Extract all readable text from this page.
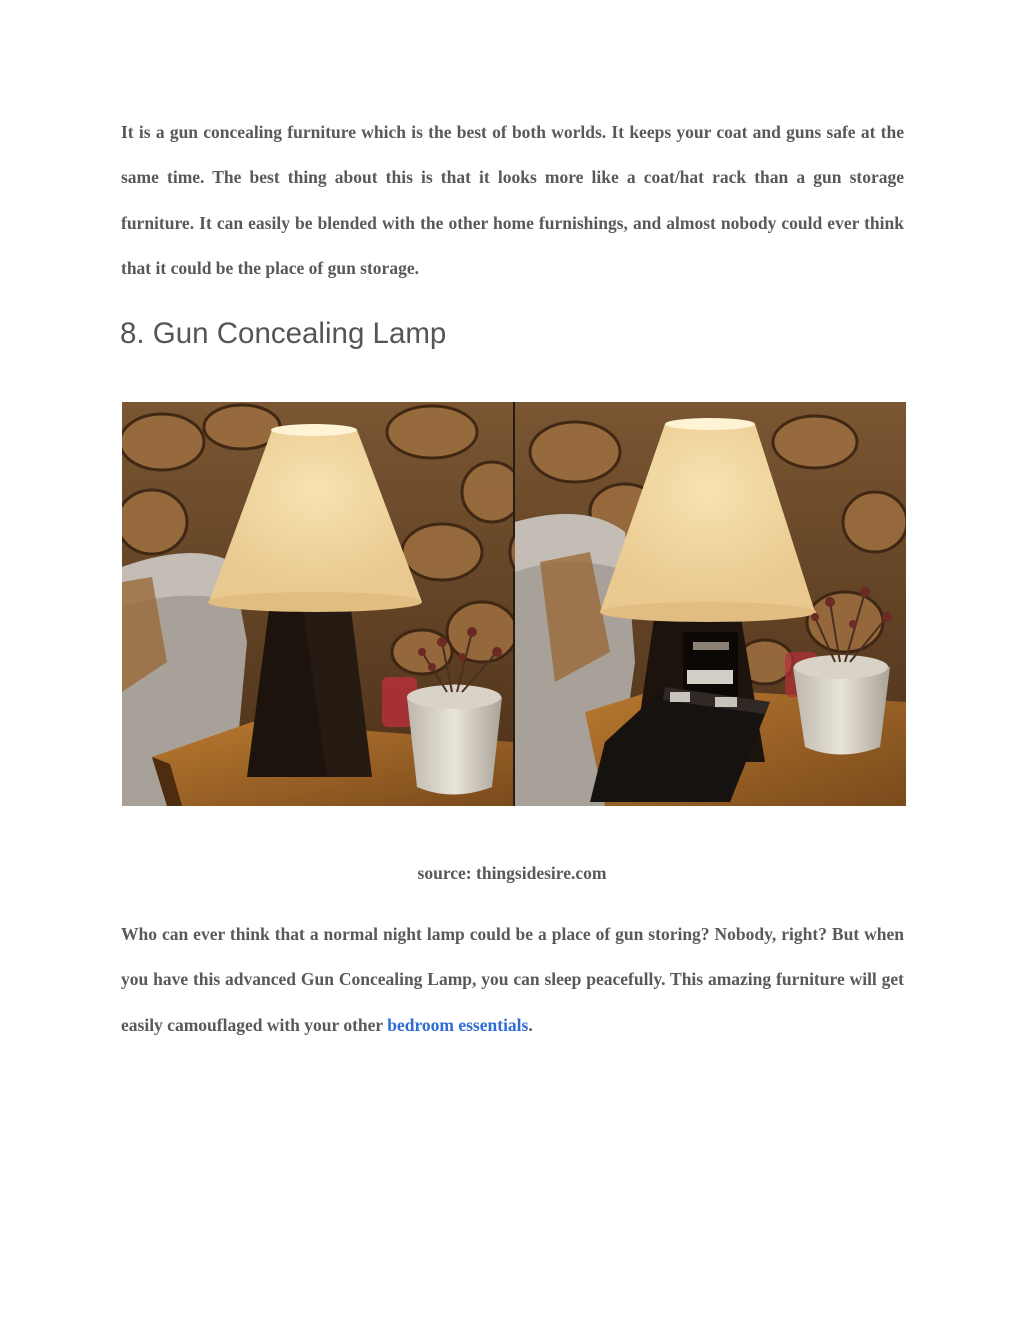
It is a gun concealing furniture which is the best of both worlds. It keeps your coat and guns safe at the same time. The best thing about this is that it looks more like a coat/hat rack than a gun storage furniture. It can easily be blended with the other home furnishings, and almost nobody could ever think that it could be the place of gun storage.

8. Gun Concealing Lamp

source: thingsidesire.com

Who can ever think that a normal night lamp could be a place of gun storing? Nobody, right? But when you have this advanced Gun Concealing Lamp, you can sleep peacefully. This amazing furniture will get easily camouflaged with your other bedroom essentials.
